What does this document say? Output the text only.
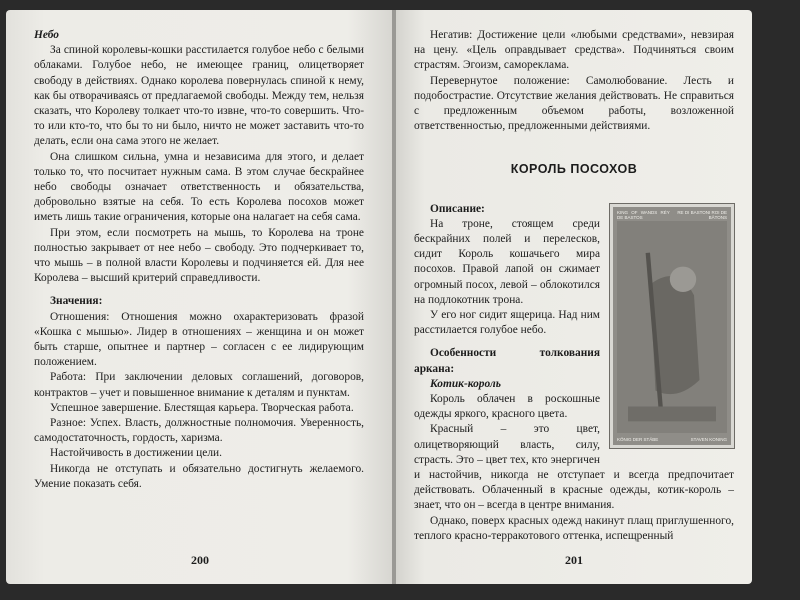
Небо

За спиной королевы-кошки расстилается голубое небо с белыми облаками. Голубое небо, не имеющее границ, олицетворяет свободу в действиях. Однако королева повернулась спиной к нему, как бы отворачиваясь от предлагаемой свободы. Между тем, нельзя сказать, что Королеву толкает что-то извне, что-то совершить. Что-то или кто-то, что бы то ни было, ничто не может заставить что-то делать, если она сама этого не желает.

Она слишком сильна, умна и независима для этого, и делает только то, что посчитает нужным сама. В этом случае бескрайнее небо свободы означает ответственность и обязательства, добровольно взятые на себя. То есть Королева посохов может иметь лишь такие ограничения, которые она налагает на себя сама.

При этом, если посмотреть на мышь, то Королева на троне полностью закрывает от нее небо – свободу. Это подчеркивает то, что мышь – в полной власти Королевы и подчиняется ей. Для нее Королева – высший критерий справедливости.

Значения:

Отношения: Отношения можно охарактеризовать фразой «Кошка с мышью». Лидер в отношениях – женщина и он может быть старше, опытнее и партнер – согласен с ее лидирующим положением.

Работа: При заключении деловых соглашений, договоров, контрактов – учет и повышенное внимание к деталям и пунктам.

Успешное завершение. Блестящая карьера. Творческая работа.

Разное: Успех. Власть, должностные полномочия. Уверенность, самодостаточность, гордость, харизма.

Настойчивость в достижении цели.

Никогда не отступать и обязательно достигнуть желаемого. Умение показать себя.

200

Негатив: Достижение цели «любыми средствами», невзирая на цену. «Цель оправдывает средства». Подчиняться своим страстям. Эгоизм, самореклама.

Перевернутое положение: Самолюбование. Лесть и подобострастие. Отсутствие желания действовать. Не справиться с предложенным объемом работы, возложенной ответственностью, предложенными действиями.

КОРОЛЬ ПОСОХОВ
KING OF WANDS RÉY DE BASTOS
RE DI BASTONI ROI DE BÂTONS
KÖNIG DER STÄBE	STAVEN KONING

Описание:

На троне, стоящем среди бескрайних полей и перелесков, сидит Король кошачьего мира посохов. Правой лапой он сжимает огромный посох, левой – облокотился на подлокотник трона.

У его ног сидит ящерица. Над ним расстилается голубое небо.

Особенности толкования аркана:

Котик-король

Король облачен в роскошные одежды яркого, красного цвета.

Красный – это цвет, олицетворяющий власть, силу, страсть. Это – цвет тех, кто энергичен и настойчив, никогда не отступает и всегда предпочитает действовать. Облаченный в красные одежды, котик-король – знает, что он – всегда в центре внимания.

Однако, поверх красных одежд накинут плащ приглушенного, теплого красно-терракотового оттенка, испещренный

201
